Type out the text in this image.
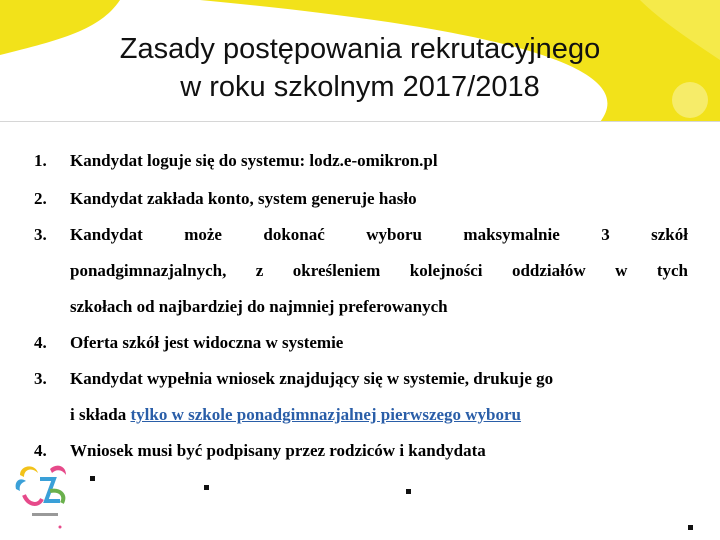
Zasady postępowania rekrutacyjnego
w roku szkolnym 2017/2018
1. Kandydat loguje się do systemu: lodz.e-omikron.pl
2. Kandydat zakłada konto, system generuje hasło
3. Kandydat może dokonać wyboru maksymalnie 3 szkół
ponadgimnazjalnych, z określeniem kolejności oddziałów w tych
szkołach od najbardziej do najmniej preferowanych
4. Oferta szkół jest widoczna w systemie
3. Kandydat wypełnia wniosek znajdujący się w systemie, drukuje go
i składa tylko w szkole ponadgimnazjalnej pierwszego wyboru
4. Wniosek musi być podpisany przez rodziców i kandydata
